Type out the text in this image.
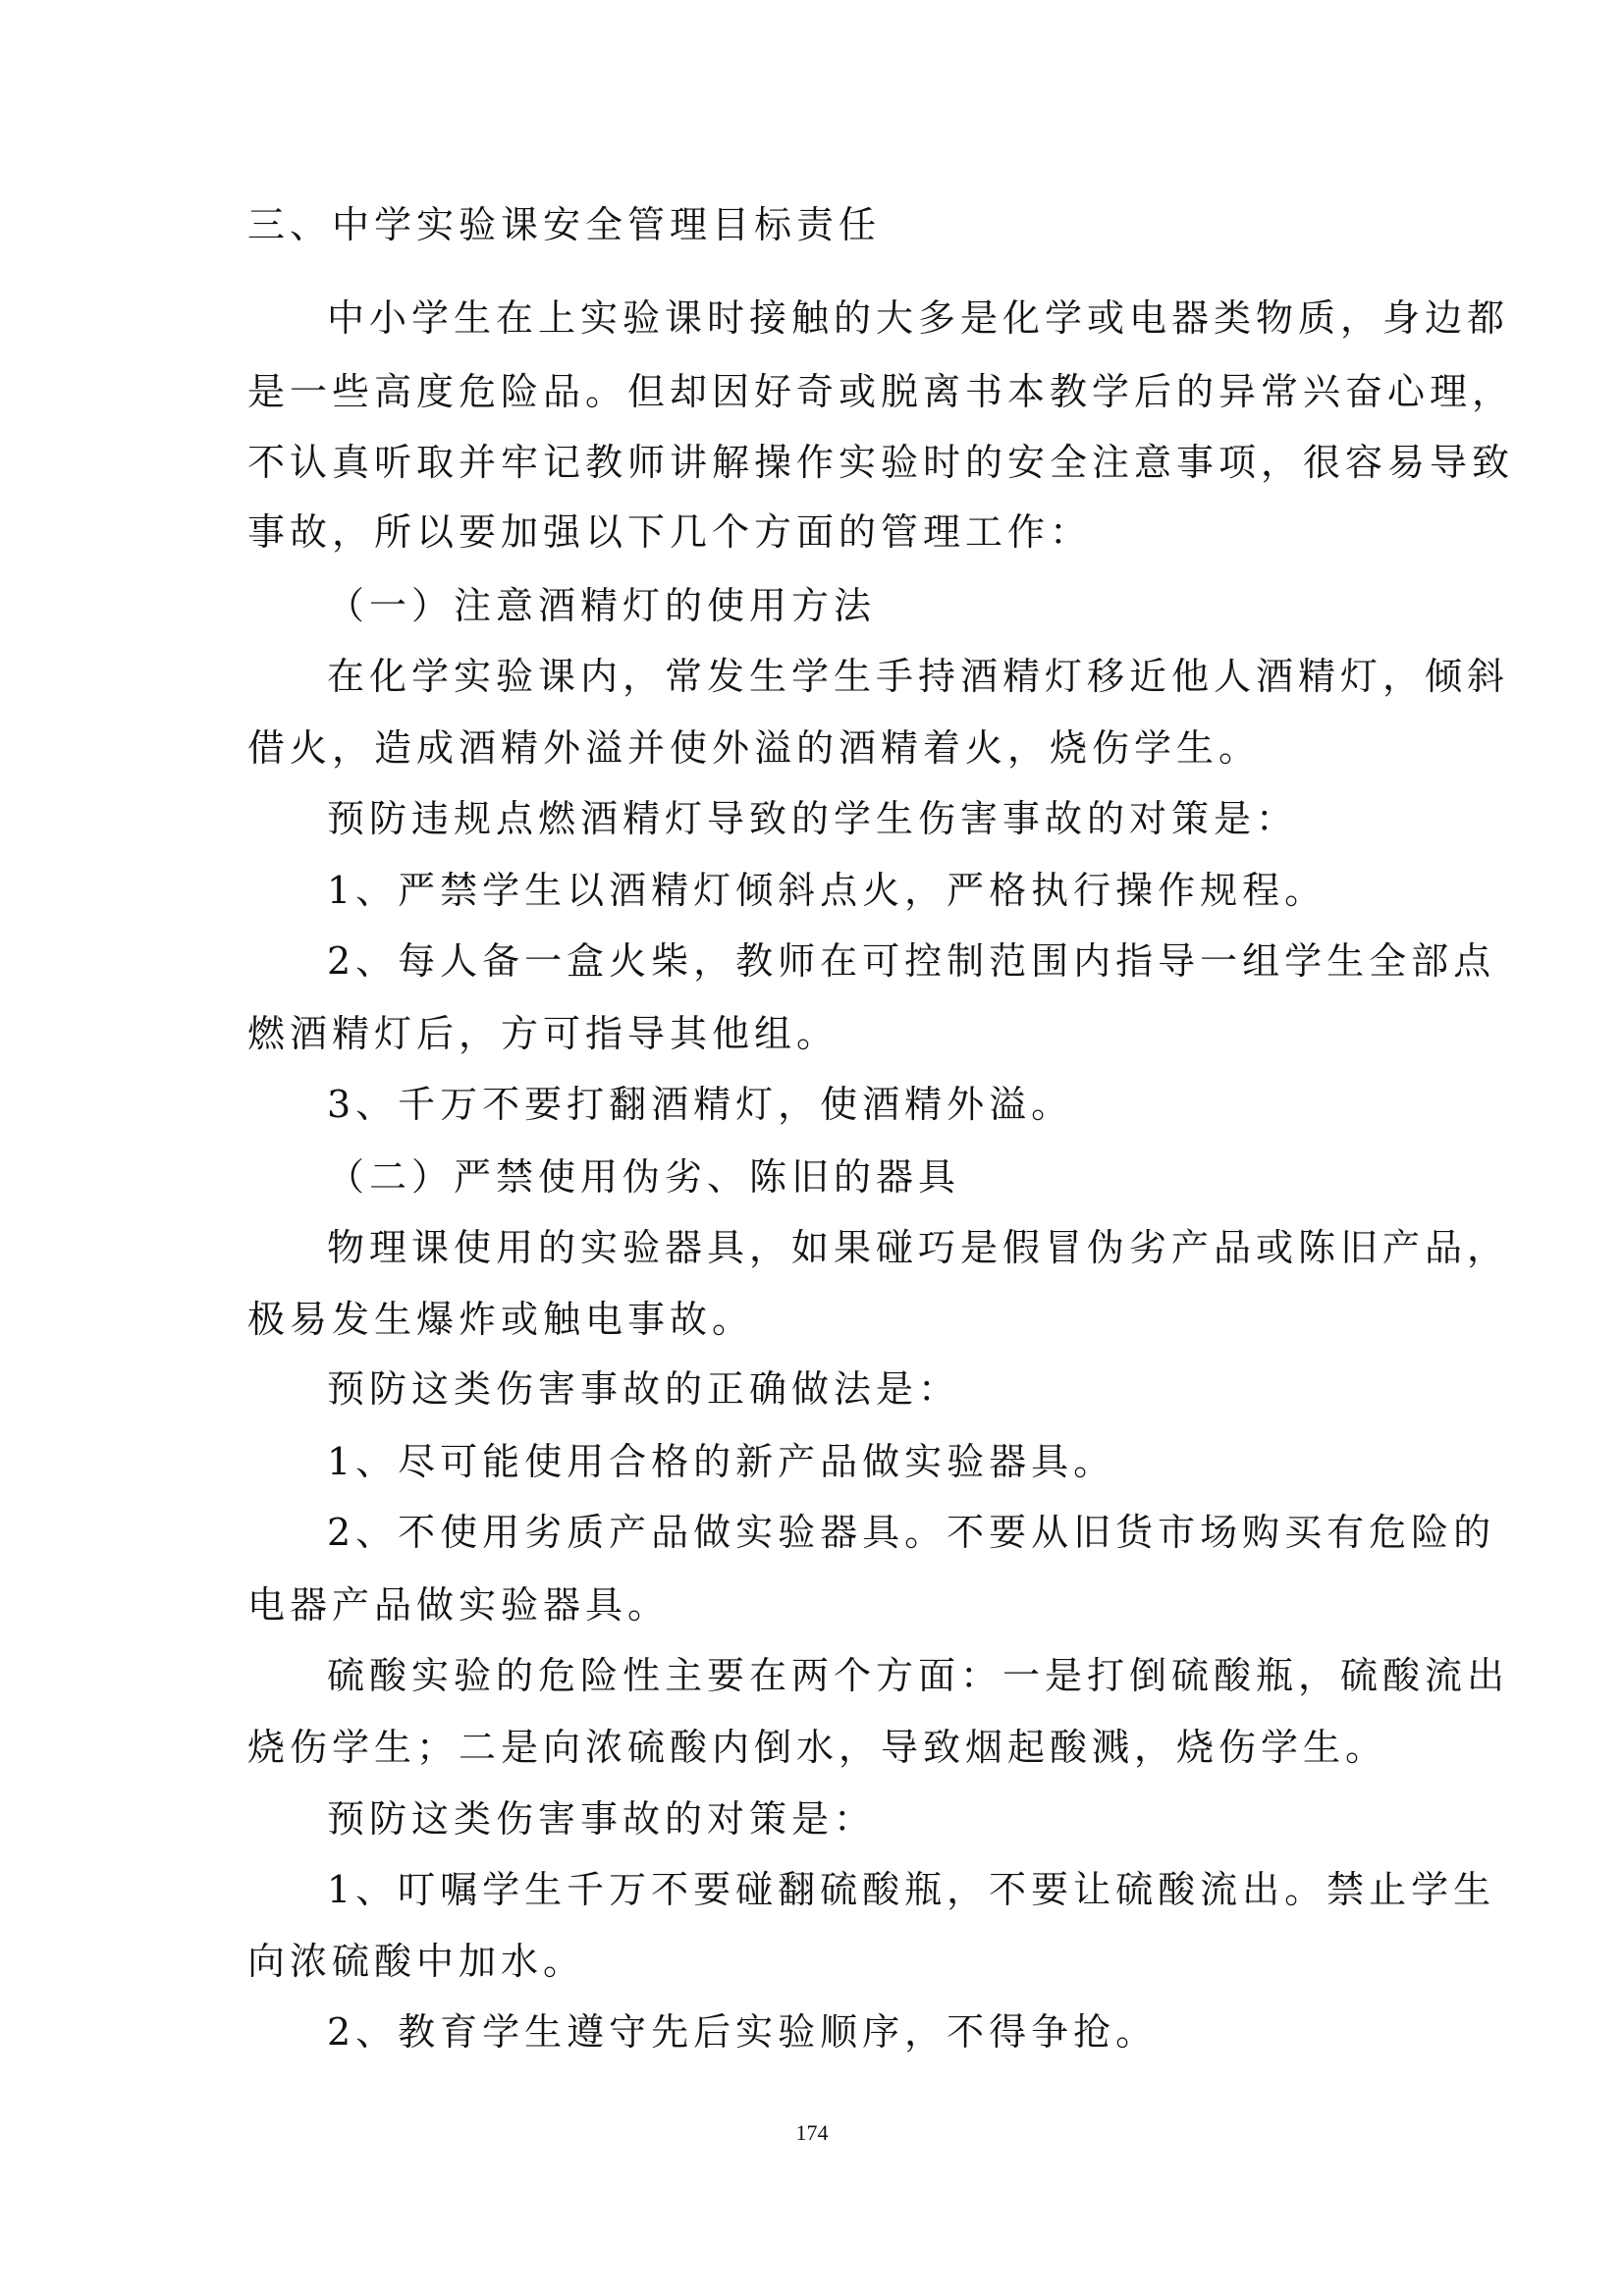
三、中学实验课安全管理目标责任
中小学生在上实验课时接触的大多是化学或电器类物质，身边都
是一些高度危险品。但却因好奇或脱离书本教学后的异常兴奋心理，
不认真听取并牢记教师讲解操作实验时的安全注意事项，很容易导致
事故，所以要加强以下几个方面的管理工作：
（一）注意酒精灯的使用方法
在化学实验课内，常发生学生手持酒精灯移近他人酒精灯，倾斜
借火，造成酒精外溢并使外溢的酒精着火，烧伤学生。
预防违规点燃酒精灯导致的学生伤害事故的对策是：
1、严禁学生以酒精灯倾斜点火，严格执行操作规程。
2、每人备一盒火柴，教师在可控制范围内指导一组学生全部点
燃酒精灯后，方可指导其他组。
3、千万不要打翻酒精灯，使酒精外溢。
（二）严禁使用伪劣、陈旧的器具
物理课使用的实验器具，如果碰巧是假冒伪劣产品或陈旧产品，
极易发生爆炸或触电事故。
预防这类伤害事故的正确做法是：
1、尽可能使用合格的新产品做实验器具。
2、不使用劣质产品做实验器具。不要从旧货市场购买有危险的
电器产品做实验器具。
硫酸实验的危险性主要在两个方面：一是打倒硫酸瓶，硫酸流出
烧伤学生；二是向浓硫酸内倒水，导致烟起酸溅，烧伤学生。
预防这类伤害事故的对策是：
1、叮嘱学生千万不要碰翻硫酸瓶，不要让硫酸流出。禁止学生
向浓硫酸中加水。
2、教育学生遵守先后实验顺序，不得争抢。
174
